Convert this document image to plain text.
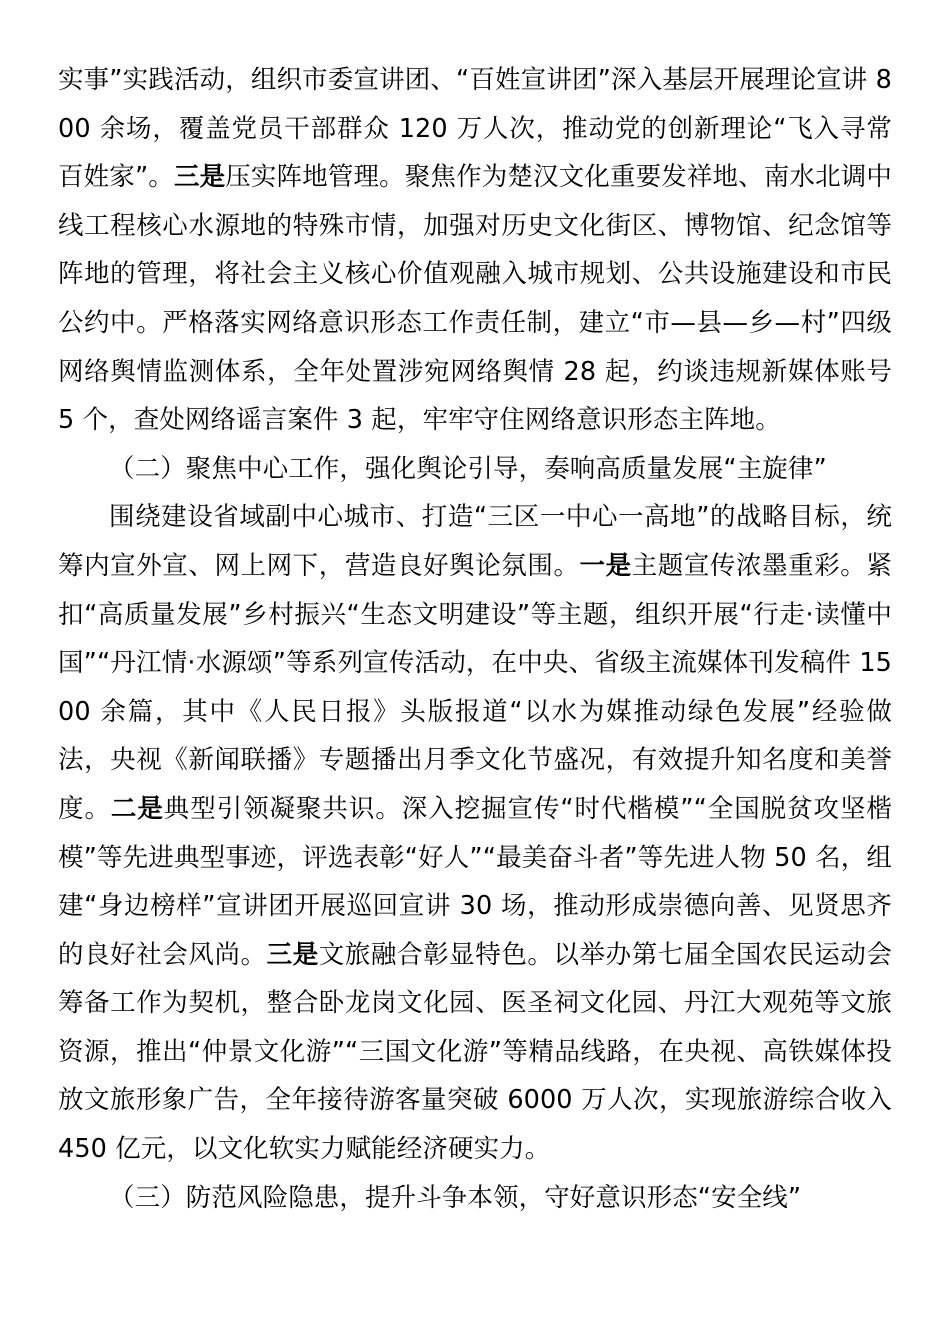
实事”实践活动，组织市委宣讲团、“百姓宣讲团”深入基层开展理论宣讲 800 余场，覆盖党员干部群众 120 万人次，推动党的创新理论“飞入寻常百姓家”。三是压实阵地管理。聚焦作为楚汉文化重要发祥地、南水北调中线工程核心水源地的特殊市情，加强对历史文化街区、博物馆、纪念馆等阵地的管理，将社会主义核心价值观融入城市规划、公共设施建设和市民公约中。严格落实网络意识形态工作责任制，建立“市—县—乡—村”四级网络舆情监测体系，全年处置涉宛网络舆情 28 起，约谈违规新媒体账号 5 个，查处网络谣言案件 3 起，牢牢守住网络意识形态主阵地。

（二）聚焦中心工作，强化舆论引导，奏响高质量发展“主旋律”

围绕建设省域副中心城市、打造“三区一中心一高地”的战略目标，统筹内宣外宣、网上网下，营造良好舆论氛围。一是主题宣传浓墨重彩。紧扣“高质量发展”乡村振兴“生态文明建设”等主题，组织开展“行走·读懂中国”“丹江情·水源颂”等系列宣传活动，在中央、省级主流媒体刊发稿件 1500 余篇，其中《人民日报》头版报道“以水为媒推动绿色发展”经验做法，央视《新闻联播》专题播出月季文化节盛况，有效提升知名度和美誉度。二是典型引领凝聚共识。深入挖掘宣传“时代楷模”“全国脱贫攻坚楷模”等先进典型事迹，评选表彰“好人”“最美奋斗者”等先进人物 50 名，组建“身边榜样”宣讲团开展巡回宣讲 30 场，推动形成崇德向善、见贤思齐的良好社会风尚。三是文旅融合彰显特色。以举办第七届全国农民运动会筹备工作为契机，整合卧龙岗文化园、医圣祠文化园、丹江大观苑等文旅资源，推出“仲景文化游”“三国文化游”等精品线路，在央视、高铁媒体投放文旅形象广告，全年接待游客量突破 6000 万人次，实现旅游综合收入 450 亿元，以文化软实力赋能经济硬实力。

（三）防范风险隐患，提升斗争本领，守好意识形态“安全线”
